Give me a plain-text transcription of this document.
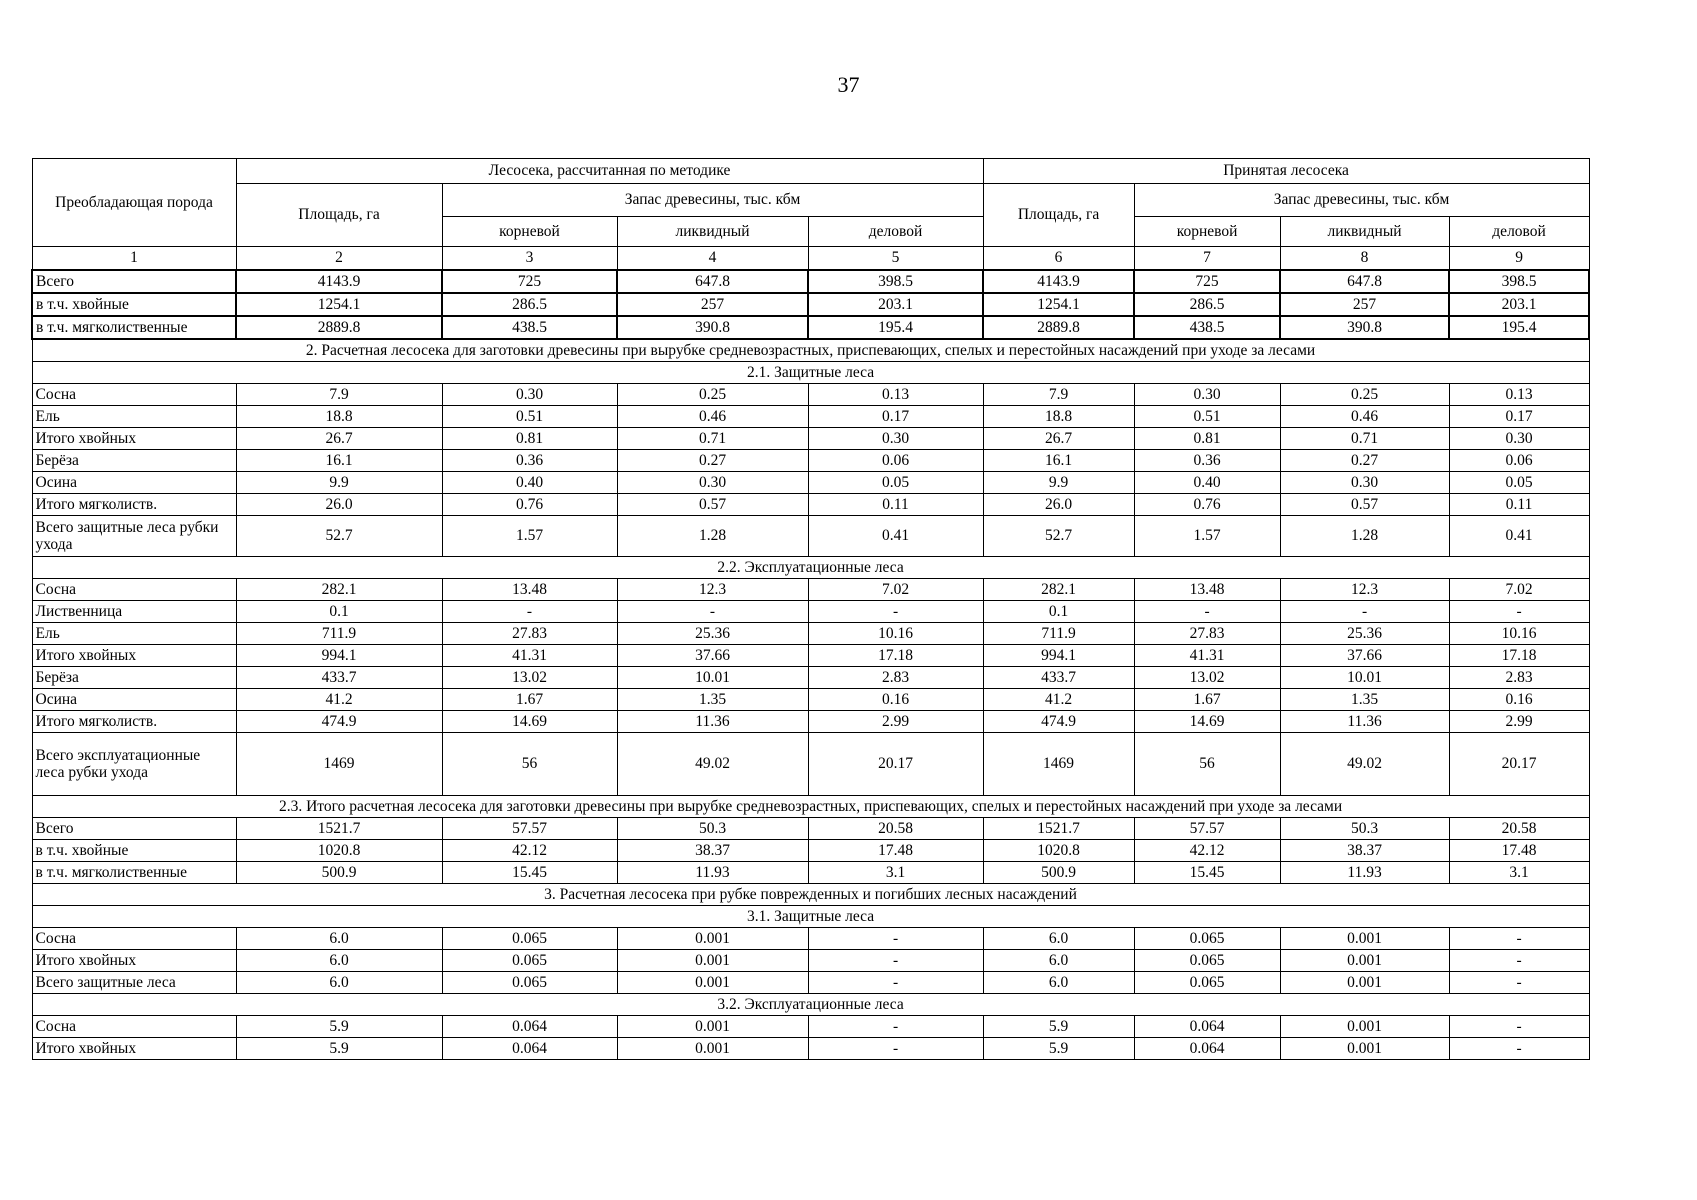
37
Преобладающая порода	Лесосека, рассчитанная по методике				Принятая лесосека			
	Площадь, га	Запас древесины, тыс. кбм			Площадь, га	Запас древесины, тыс. кбм		
		корневой	ликвидный	деловой		корневой	ликвидный	деловой
1	2	3	4	5	6	7	8	9
Всего	4143.9	725	647.8	398.5	4143.9	725	647.8	398.5
в т.ч. хвойные	1254.1	286.5	257	203.1	1254.1	286.5	257	203.1
в т.ч. мягколиственные	2889.8	438.5	390.8	195.4	2889.8	438.5	390.8	195.4
2. Расчетная лесосека для заготовки древесины при вырубке средневозрастных, приспевающих, спелых и перестойных насаждений при уходе за лесами								
2.1. Защитные леса								
Сосна	7.9	0.30	0.25	0.13	7.9	0.30	0.25	0.13
Ель	18.8	0.51	0.46	0.17	18.8	0.51	0.46	0.17
Итого хвойных	26.7	0.81	0.71	0.30	26.7	0.81	0.71	0.30
Берёза	16.1	0.36	0.27	0.06	16.1	0.36	0.27	0.06
Осина	9.9	0.40	0.30	0.05	9.9	0.40	0.30	0.05
Итого мягколиств.	26.0	0.76	0.57	0.11	26.0	0.76	0.57	0.11
Всего защитные леса рубки ухода	52.7	1.57	1.28	0.41	52.7	1.57	1.28	0.41
2.2. Эксплуатационные леса								
Сосна	282.1	13.48	12.3	7.02	282.1	13.48	12.3	7.02
Лиственница	0.1	-	-	-	0.1	-	-	-
Ель	711.9	27.83	25.36	10.16	711.9	27.83	25.36	10.16
Итого хвойных	994.1	41.31	37.66	17.18	994.1	41.31	37.66	17.18
Берёза	433.7	13.02	10.01	2.83	433.7	13.02	10.01	2.83
Осина	41.2	1.67	1.35	0.16	41.2	1.67	1.35	0.16
Итого мягколиств.	474.9	14.69	11.36	2.99	474.9	14.69	11.36	2.99
Всего эксплуатационные леса рубки ухода	1469	56	49.02	20.17	1469	56	49.02	20.17
2.3. Итого расчетная лесосека для заготовки древесины при вырубке средневозрастных, приспевающих, спелых и перестойных насаждений при уходе за лесами								
Всего	1521.7	57.57	50.3	20.58	1521.7	57.57	50.3	20.58
в т.ч. хвойные	1020.8	42.12	38.37	17.48	1020.8	42.12	38.37	17.48
в т.ч. мягколиственные	500.9	15.45	11.93	3.1	500.9	15.45	11.93	3.1
3. Расчетная лесосека при рубке поврежденных и погибших лесных насаждений								
3.1. Защитные леса								
Сосна	6.0	0.065	0.001	-	6.0	0.065	0.001	-
Итого хвойных	6.0	0.065	0.001	-	6.0	0.065	0.001	-
Всего защитные леса	6.0	0.065	0.001	-	6.0	0.065	0.001	-
3.2. Эксплуатационные леса								
Сосна	5.9	0.064	0.001	-	5.9	0.064	0.001	-
Итого хвойных	5.9	0.064	0.001	-	5.9	0.064	0.001	-
